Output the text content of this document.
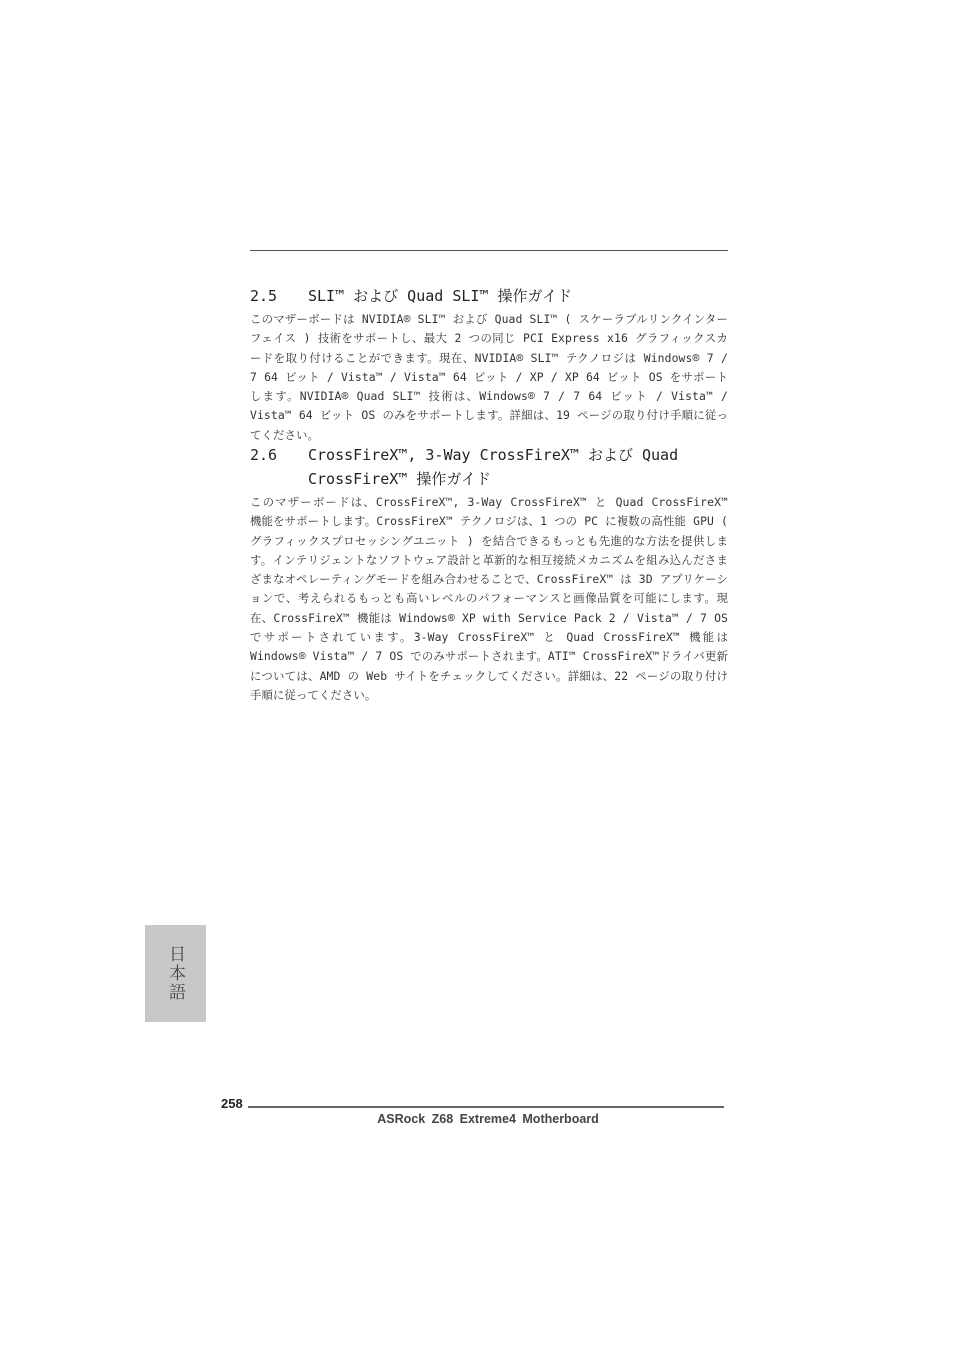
2.5	SLI™ および Quad SLI™ 操作ガイド
このマザーボードは NVIDIA® SLI™ および Quad SLI™ ( スケーラブルリンクインターフェイス ) 技術をサポートし、最大 2 つの同じ PCI Express x16 グラフィックスカードを取り付けることができます。現在、NVIDIA® SLI™ テクノロジは Windows® 7 / 7 64 ビット / Vista™ / Vista™ 64 ビット / XP / XP 64 ビット OS をサポートします。NVIDIA® Quad SLI™ 技術は、Windows® 7 / 7 64 ビット / Vista™ / Vista™ 64 ビット OS のみをサポートします。詳細は、19 ページの取り付け手順に従ってください。
2.6	CrossFireX™, 3-Way CrossFireX™ および Quad CrossFireX™ 操作ガイド
このマザーボードは、CrossFireX™, 3-Way CrossFireX™ と Quad CrossFireX™ 機能をサポートします。CrossFireX™ テクノロジは、1 つの PC に複数の高性能 GPU ( グラフィックスプロセッシングユニット ) を結合できるもっとも先進的な方法を提供します。インテリジェントなソフトウェア設計と革新的な相互接続メカニズムを組み込んださまざまなオペレーティングモードを組み合わせることで、CrossFireX™ は 3D アプリケーションで、考えられるもっとも高いレベルのパフォーマンスと画像品質を可能にします。現在、CrossFireX™ 機能は Windows® XP with Service Pack 2 / Vista™ / 7 OS でサポートされています。3-Way CrossFireX™ と Quad CrossFireX™ 機能は Windows® Vista™ / 7 OS でのみサポートされます。ATI™ CrossFireX™ドライバ更新については、AMD の Web サイトをチェックしてください。詳細は、22 ページの取り付け手順に従ってください。
日本語
258
ASRock Z68 Extreme4 Motherboard
